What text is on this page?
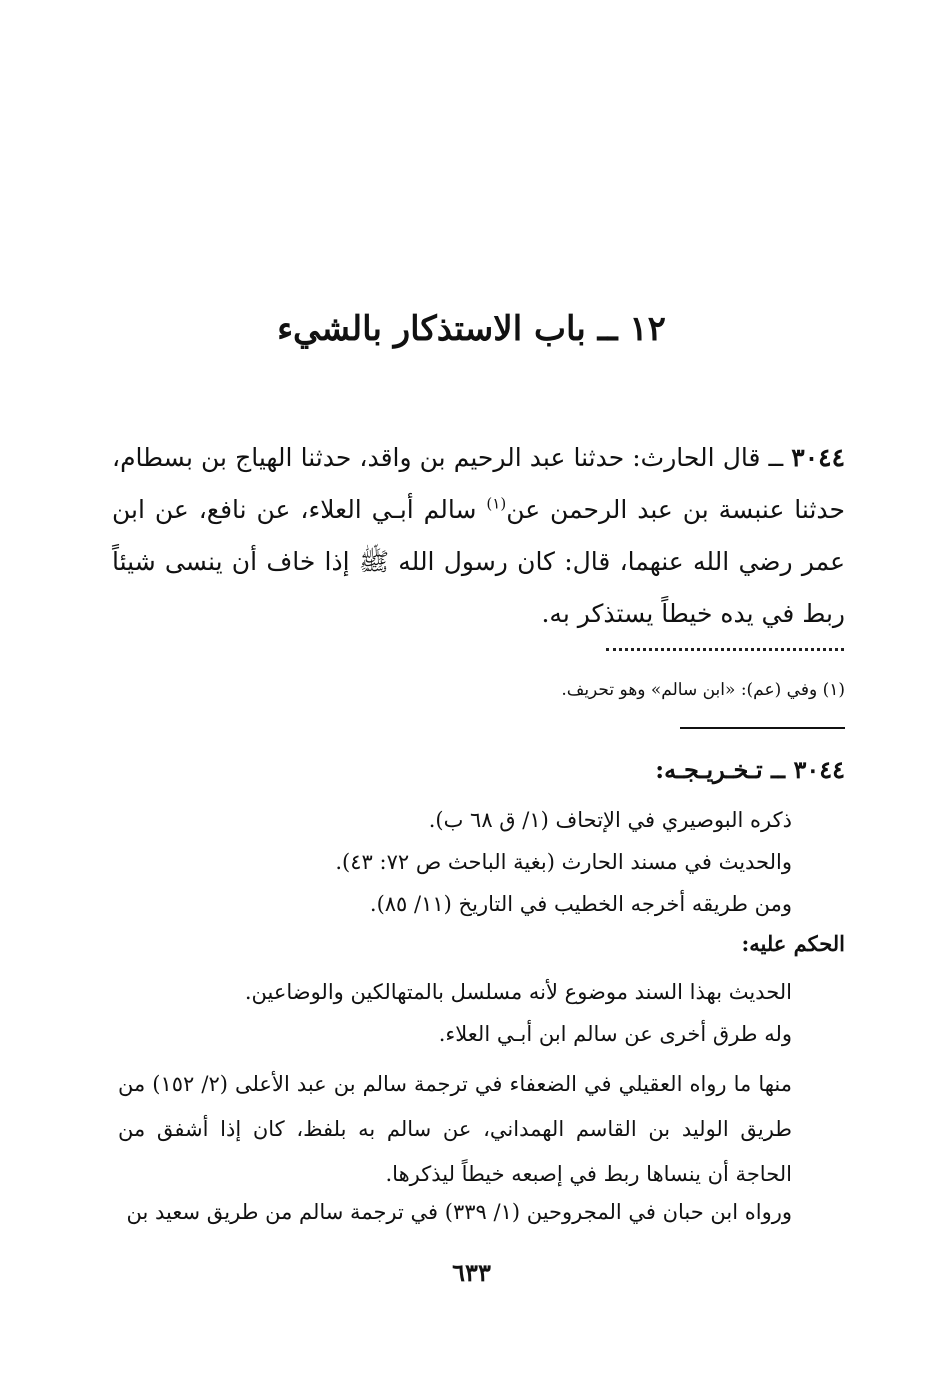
١٢ ــ باب الاستذكار بالشيء

٣٠٤٤ ــ قال الحارث: حدثنا عبد الرحيم بن واقد، حدثنا الهياج بن بسطام، حدثنا عنبسة بن عبد الرحمن عن$^{(١)}$ سالم أبـي العلاء، عن نافع، عن ابن عمر رضي الله عنهما، قال: كان رسول الله ﷺ إذا خاف أن ينسى شيئاً ربط في يده خيطاً يستذكر به.

(١) وفي (عم): «ابن سالم» وهو تحريف.

٣٠٤٤ ــ تـخـريـجـه:

ذكره البوصيري في الإتحاف (١/ ق ٦٨ ب).

والحديث في مسند الحارث (بغية الباحث ص ٧٢: ٤٣).

ومن طريقه أخرجه الخطيب في التاريخ (١١/ ٨٥).

الحكم عليه:

الحديث بهذا السند موضوع لأنه مسلسل بالمتهالكين والوضاعين.

وله طرق أخرى عن سالم ابن أبـي العلاء.

منها ما رواه العقيلي في الضعفاء في ترجمة سالم بن عبد الأعلى (٢/ ١٥٢) من طريق الوليد بن القاسم الهمداني، عن سالم به بلفظ، كان إذا أشفق من الحاجة أن ينساها ربط في إصبعه خيطاً ليذكرها.

ورواه ابن حبان في المجروحين (١/ ٣٣٩) في ترجمة سالم من طريق سعيد بن

٦٣٣
